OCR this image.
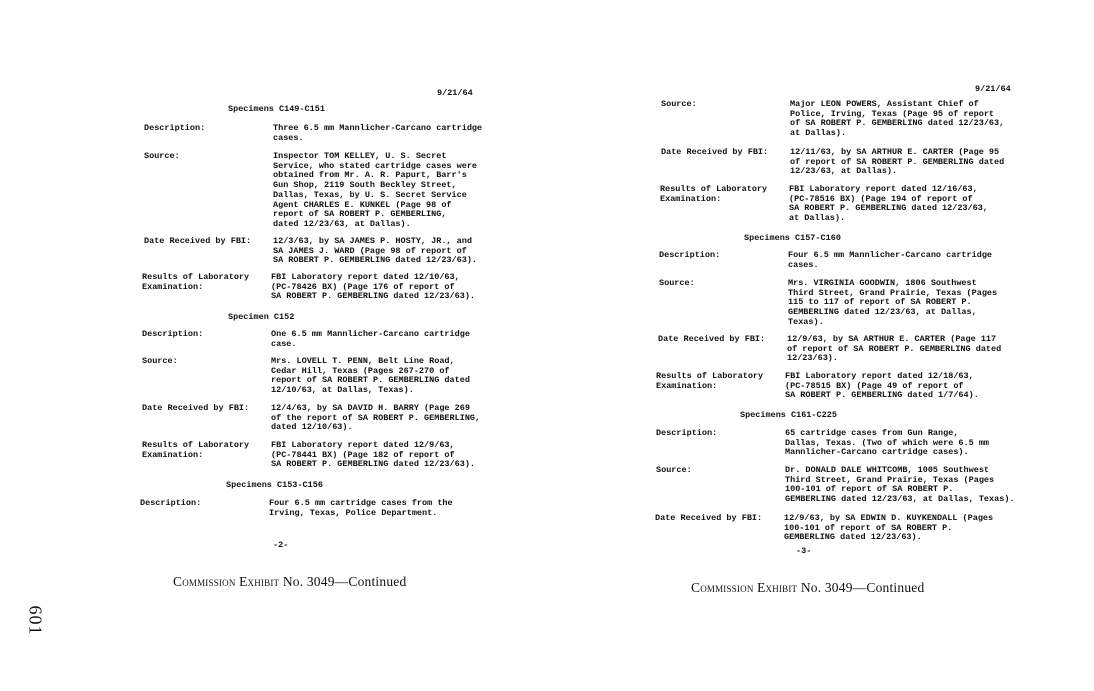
601
9/21/64
Specimens C149-C151
Description:	Three 6.5 mm Mannlicher-Carcano cartridge
cases.
Source:	Inspector TOM KELLEY, U. S. Secret
Service, who stated cartridge cases were
obtained from Mr. A. R. Papurt, Barr's
Gun Shop, 2119 South Beckley Street,
Dallas, Texas, by U. S. Secret Service
Agent CHARLES E. KUNKEL (Page 98 of
report of SA ROBERT P. GEMBERLING,
dated 12/23/63, at Dallas).
Date Received by FBI:	12/3/63, by SA JAMES P. HOSTY, JR., and
SA JAMES J. WARD (Page 98 of report of
SA ROBERT P. GEMBERLING dated 12/23/63).
Results of Laboratory
Examination:
FBI Laboratory report dated 12/10/63,
(PC-78426 BX) (Page 176 of report of
SA ROBERT P. GEMBERLING dated 12/23/63).
Specimen C152
Description:	One 6.5 mm Mannlicher-Carcano cartridge
case.
Source:	Mrs. LOVELL T. PENN, Belt Line Road,
Cedar Hill, Texas (Pages 267-270 of
report of SA ROBERT P. GEMBERLING dated
12/10/63, at Dallas, Texas).
Date Received by FBI:	12/4/63, by SA DAVID H. BARRY (Page 269
of the report of SA ROBERT P. GEMBERLING,
dated 12/10/63).
Results of Laboratory
Examination:
FBI Laboratory report dated 12/9/63,
(PC-78441 BX) (Page 182 of report of
SA ROBERT P. GEMBERLING dated 12/23/63).
Specimens C153-C156
Description:	Four 6.5 mm cartridge cases from the
Irving, Texas, Police Department.
-2-
Commission Exhibit No. 3049—Continued
9/21/64
Source:	Major LEON POWERS, Assistant Chief of
Police, Irving, Texas (Page 95 of report
of SA ROBERT P. GEMBERLING dated 12/23/63,
at Dallas).
Date Received by FBI:	12/11/63, by SA ARTHUR E. CARTER (Page 95
of report of SA ROBERT P. GEMBERLING dated
12/23/63, at Dallas).
Results of Laboratory
Examination:
FBI Laboratory report dated 12/16/63,
(PC-78516 BX) (Page 194 of report of
SA ROBERT P. GEMBERLING dated 12/23/63,
at Dallas).
Specimens C157-C160
Description:	Four 6.5 mm Mannlicher-Carcano cartridge
cases.
Source:	Mrs. VIRGINIA GOODWIN, 1806 Southwest
Third Street, Grand Prairie, Texas (Pages
115 to 117 of report of SA ROBERT P.
GEMBERLING dated 12/23/63, at Dallas,
Texas).
Date Received by FBI:	12/9/63, by SA ARTHUR E. CARTER (Page 117
of report of SA ROBERT P. GEMBERLING dated
12/23/63).
Results of Laboratory
Examination:
FBI Laboratory report dated 12/18/63,
(PC-78515 BX) (Page 49 of report of
SA ROBERT P. GEMBERLING dated 1/7/64).
Specimens C161-C225
Description:	65 cartridge cases from Gun Range,
Dallas, Texas. (Two of which were 6.5 mm
Mannlicher-Carcano cartridge cases).
Source:	Dr. DONALD DALE WHITCOMB, 1005 Southwest
Third Street, Grand Prairie, Texas (Pages
100-101 of report of SA ROBERT P.
GEMBERLING dated 12/23/63, at Dallas, Texas).
Date Received by FBI:	12/9/63, by SA EDWIN D. KUYKENDALL (Pages
100-101 of report of SA ROBERT P.
GEMBERLING dated 12/23/63).
-3-
Commission Exhibit No. 3049—Continued
